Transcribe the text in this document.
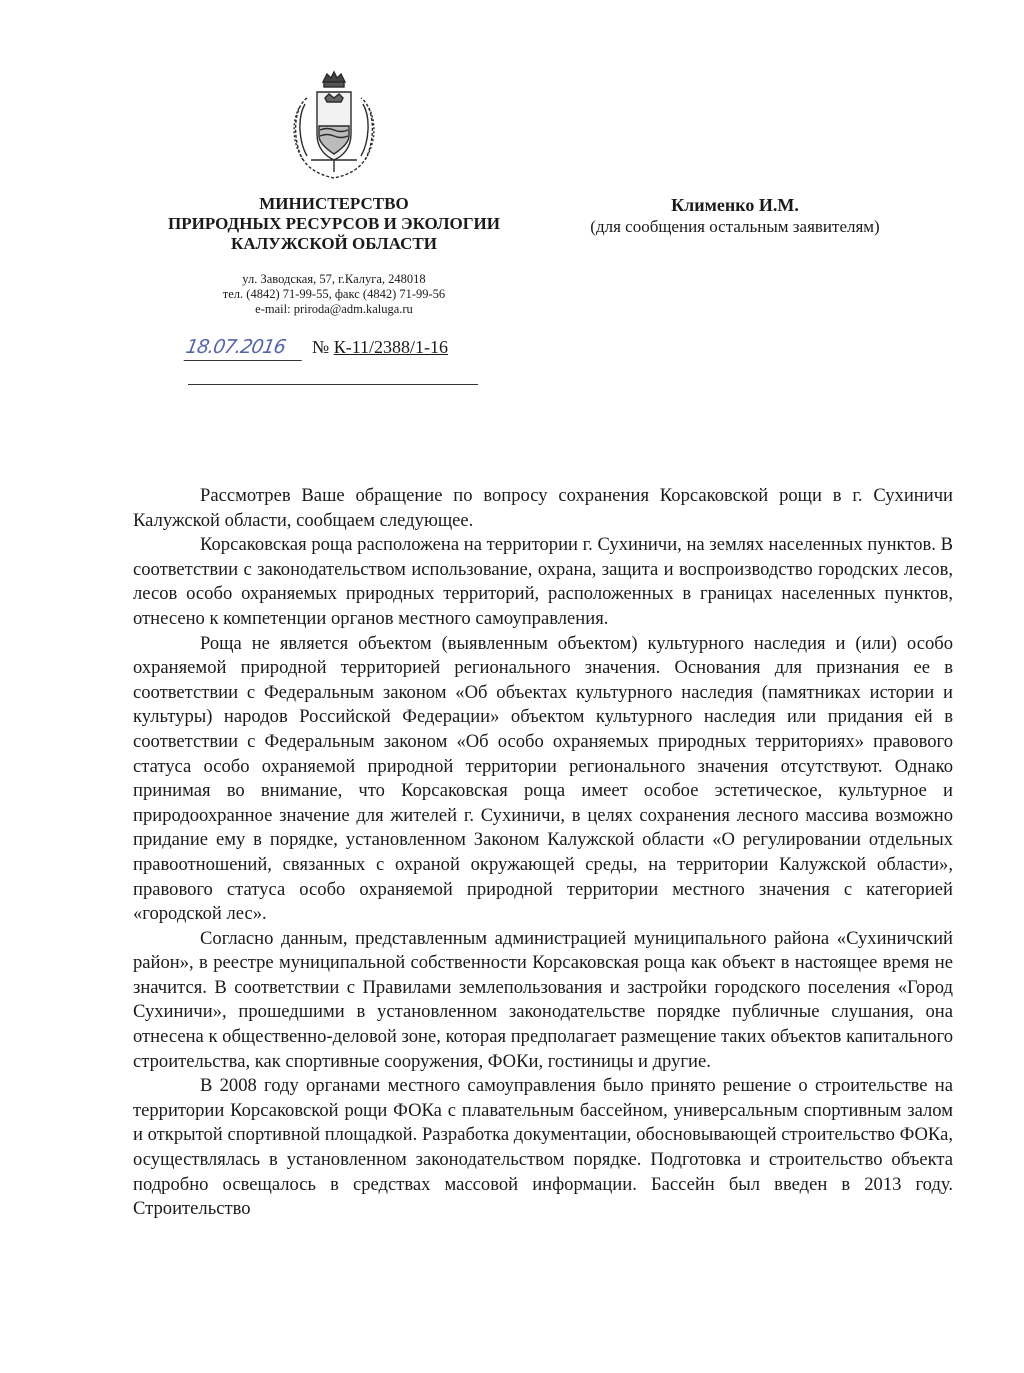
МИНИСТЕРСТВО
ПРИРОДНЫХ РЕСУРСОВ И ЭКОЛОГИИ
КАЛУЖСКОЙ ОБЛАСТИ
ул. Заводская, 57, г.Калуга, 248018
тел. (4842) 71-99-55, факс (4842) 71-99-56
e-mail: priroda@adm.kaluga.ru
18.07.2016	№ К-11/2388/1-16
Клименко И.М.
(для сообщения остальным заявителям)

Рассмотрев Ваше обращение по вопросу сохранения Корсаковской рощи в г. Сухиничи Калужской области, сообщаем следующее.

Корсаковская роща расположена на территории г. Сухиничи, на землях населенных пунктов. В соответствии с законодательством использование, охрана, защита и воспроизводство городских лесов, лесов особо охраняемых природных территорий, расположенных в границах населенных пунктов, отнесено к компетенции органов местного самоуправления.

Роща не является объектом (выявленным объектом) культурного наследия и (или) особо охраняемой природной территорией регионального значения. Основания для признания ее в соответствии с Федеральным законом «Об объектах культурного наследия (памятниках истории и культуры) народов Российской Федерации» объектом культурного наследия или придания ей в соответствии с Федеральным законом «Об особо охраняемых природных территориях» правового статуса особо охраняемой природной территории регионального значения отсутствуют. Однако принимая во внимание, что Корсаковская роща имеет особое эстетическое, культурное и природоохранное значение для жителей г. Сухиничи, в целях сохранения лесного массива возможно придание ему в порядке, установленном Законом Калужской области «О регулировании отдельных правоотношений, связанных с охраной окружающей среды, на территории Калужской области», правового статуса особо охраняемой природной территории местного значения с категорией «городской лес».

Согласно данным, представленным администрацией муниципального района «Сухиничский район», в реестре муниципальной собственности Корсаковская роща как объект в настоящее время не значится. В соответствии с Правилами землепользования и застройки городского поселения «Город Сухиничи», прошедшими в установленном законодательстве порядке публичные слушания, она отнесена к общественно-деловой зоне, которая предполагает размещение таких объектов капитального строительства, как спортивные сооружения, ФОКи, гостиницы и другие.

В 2008 году органами местного самоуправления было принято решение о строительстве на территории Корсаковской рощи ФОКа с плавательным бассейном, универсальным спортивным залом и открытой спортивной площадкой. Разработка документации, обосновывающей строительство ФОКа, осуществлялась в установленном законодательством порядке. Подготовка и строительство объекта подробно освещалось в средствах массовой информации. Бассейн был введен в 2013 году. Строительство
